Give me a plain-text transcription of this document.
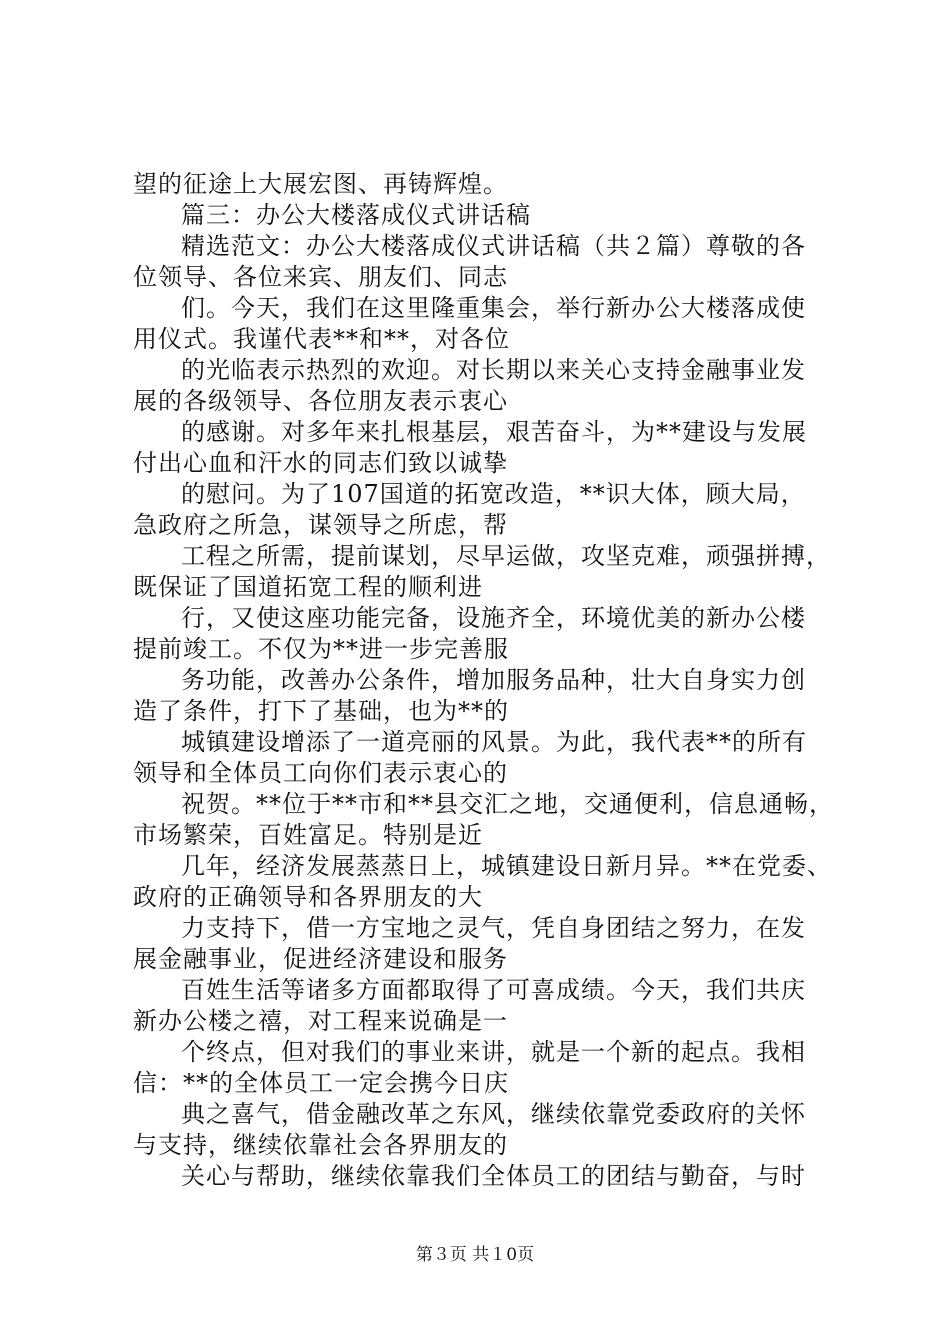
望的征途上大展宏图、再铸辉煌。
篇三：办公大楼落成仪式讲话稿
精选范文：办公大楼落成仪式讲话稿（共２篇）尊敬的各
位领导、各位来宾、朋友们、同志
们。今天，我们在这里隆重集会，举行新办公大楼落成使
用仪式。我谨代表**和**，对各位
的光临表示热烈的欢迎。对长期以来关心支持金融事业发
展的各级领导、各位朋友表示衷心
的感谢。对多年来扎根基层，艰苦奋斗，为**建设与发展
付出心血和汗水的同志们致以诚挚
的慰问。为了107国道的拓宽改造，**识大体，顾大局，
急政府之所急，谋领导之所虑，帮
工程之所需，提前谋划，尽早运做，攻坚克难，顽强拼搏，
既保证了国道拓宽工程的顺利进
行，又使这座功能完备，设施齐全，环境优美的新办公楼
提前竣工。不仅为**进一步完善服
务功能，改善办公条件，增加服务品种，壮大自身实力创
造了条件，打下了基础，也为**的
城镇建设增添了一道亮丽的风景。为此，我代表**的所有
领导和全体员工向你们表示衷心的
祝贺。**位于**市和**县交汇之地，交通便利，信息通畅，
市场繁荣，百姓富足。特别是近
几年，经济发展蒸蒸日上，城镇建设日新月异。**在党委、
政府的正确领导和各界朋友的大
力支持下，借一方宝地之灵气，凭自身团结之努力，在发
展金融事业，促进经济建设和服务
百姓生活等诸多方面都取得了可喜成绩。今天，我们共庆
新办公楼之禧，对工程来说确是一
个终点，但对我们的事业来讲，就是一个新的起点。我相
信：**的全体员工一定会携今日庆
典之喜气，借金融改革之东风，继续依靠党委政府的关怀
与支持，继续依靠社会各界朋友的
关心与帮助，继续依靠我们全体员工的团结与勤奋，与时
第３页 共１0页
